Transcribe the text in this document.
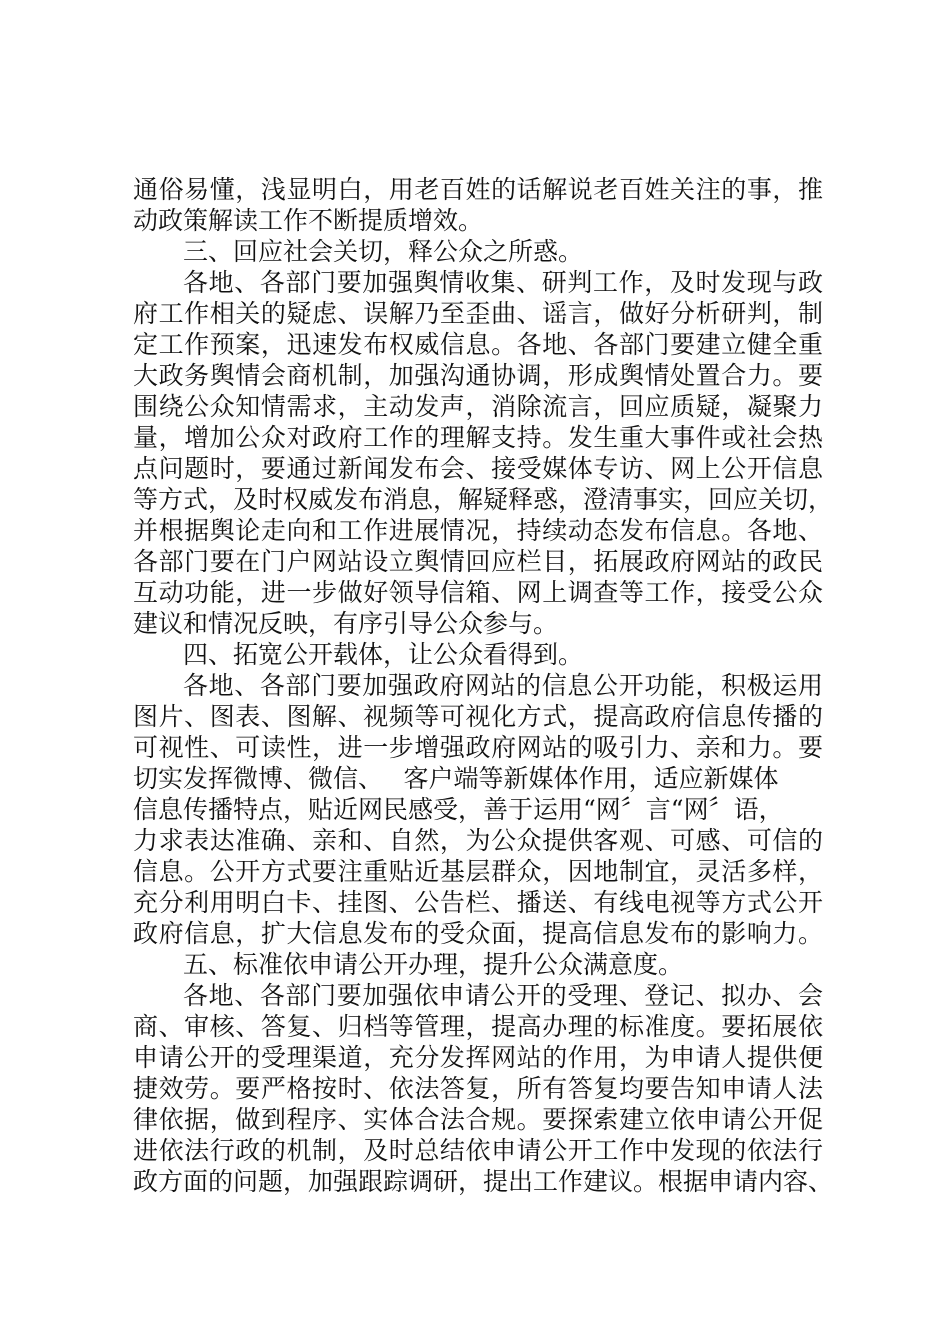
通俗易懂，浅显明白，用老百姓的话解说老百姓关注的事，推
动政策解读工作不断提质增效。
三、回应社会关切，释公众之所惑。
各地、各部门要加强舆情收集、研判工作，及时发现与政
府工作相关的疑虑、误解乃至歪曲、谣言，做好分析研判，制
定工作预案，迅速发布权威信息。各地、各部门要建立健全重
大政务舆情会商机制，加强沟通协调，形成舆情处置合力。要
围绕公众知情需求，主动发声，消除流言，回应质疑，凝聚力
量，增加公众对政府工作的理解支持。发生重大事件或社会热
点问题时，要通过新闻发布会、接受媒体专访、网上公开信息
等方式，及时权威发布消息，解疑释惑，澄清事实，回应关切，
并根据舆论走向和工作进展情况，持续动态发布信息。各地、
各部门要在门户网站设立舆情回应栏目，拓展政府网站的政民
互动功能，进一步做好领导信箱、网上调查等工作，接受公众
建议和情况反映，有序引导公众参与。
四、拓宽公开载体，让公众看得到。
各地、各部门要加强政府网站的信息公开功能，积极运用
图片、图表、图解、视频等可视化方式，提高政府信息传播的
可视性、可读性，进一步增强政府网站的吸引力、亲和力。要
切实发挥微博、微信、　 客户端等新媒体作用，适应新媒体
信息传播特点，贴近网民感受，善于运用“网〞言“网〞语，
力求表达准确、亲和、自然，为公众提供客观、可感、可信的
信息。公开方式要注重贴近基层群众，因地制宜，灵活多样，
充分利用明白卡、挂图、公告栏、播送、有线电视等方式公开
政府信息，扩大信息发布的受众面，提高信息发布的影响力。
五、标准依申请公开办理，提升公众满意度。
各地、各部门要加强依申请公开的受理、登记、拟办、会
商、审核、答复、归档等管理，提高办理的标准度。要拓展依
申请公开的受理渠道，充分发挥网站的作用，为申请人提供便
捷效劳。要严格按时、依法答复，所有答复均要告知申请人法
律依据，做到程序、实体合法合规。要探索建立依申请公开促
进依法行政的机制，及时总结依申请公开工作中发现的依法行
政方面的问题，加强跟踪调研，提出工作建议。根据申请内容、
